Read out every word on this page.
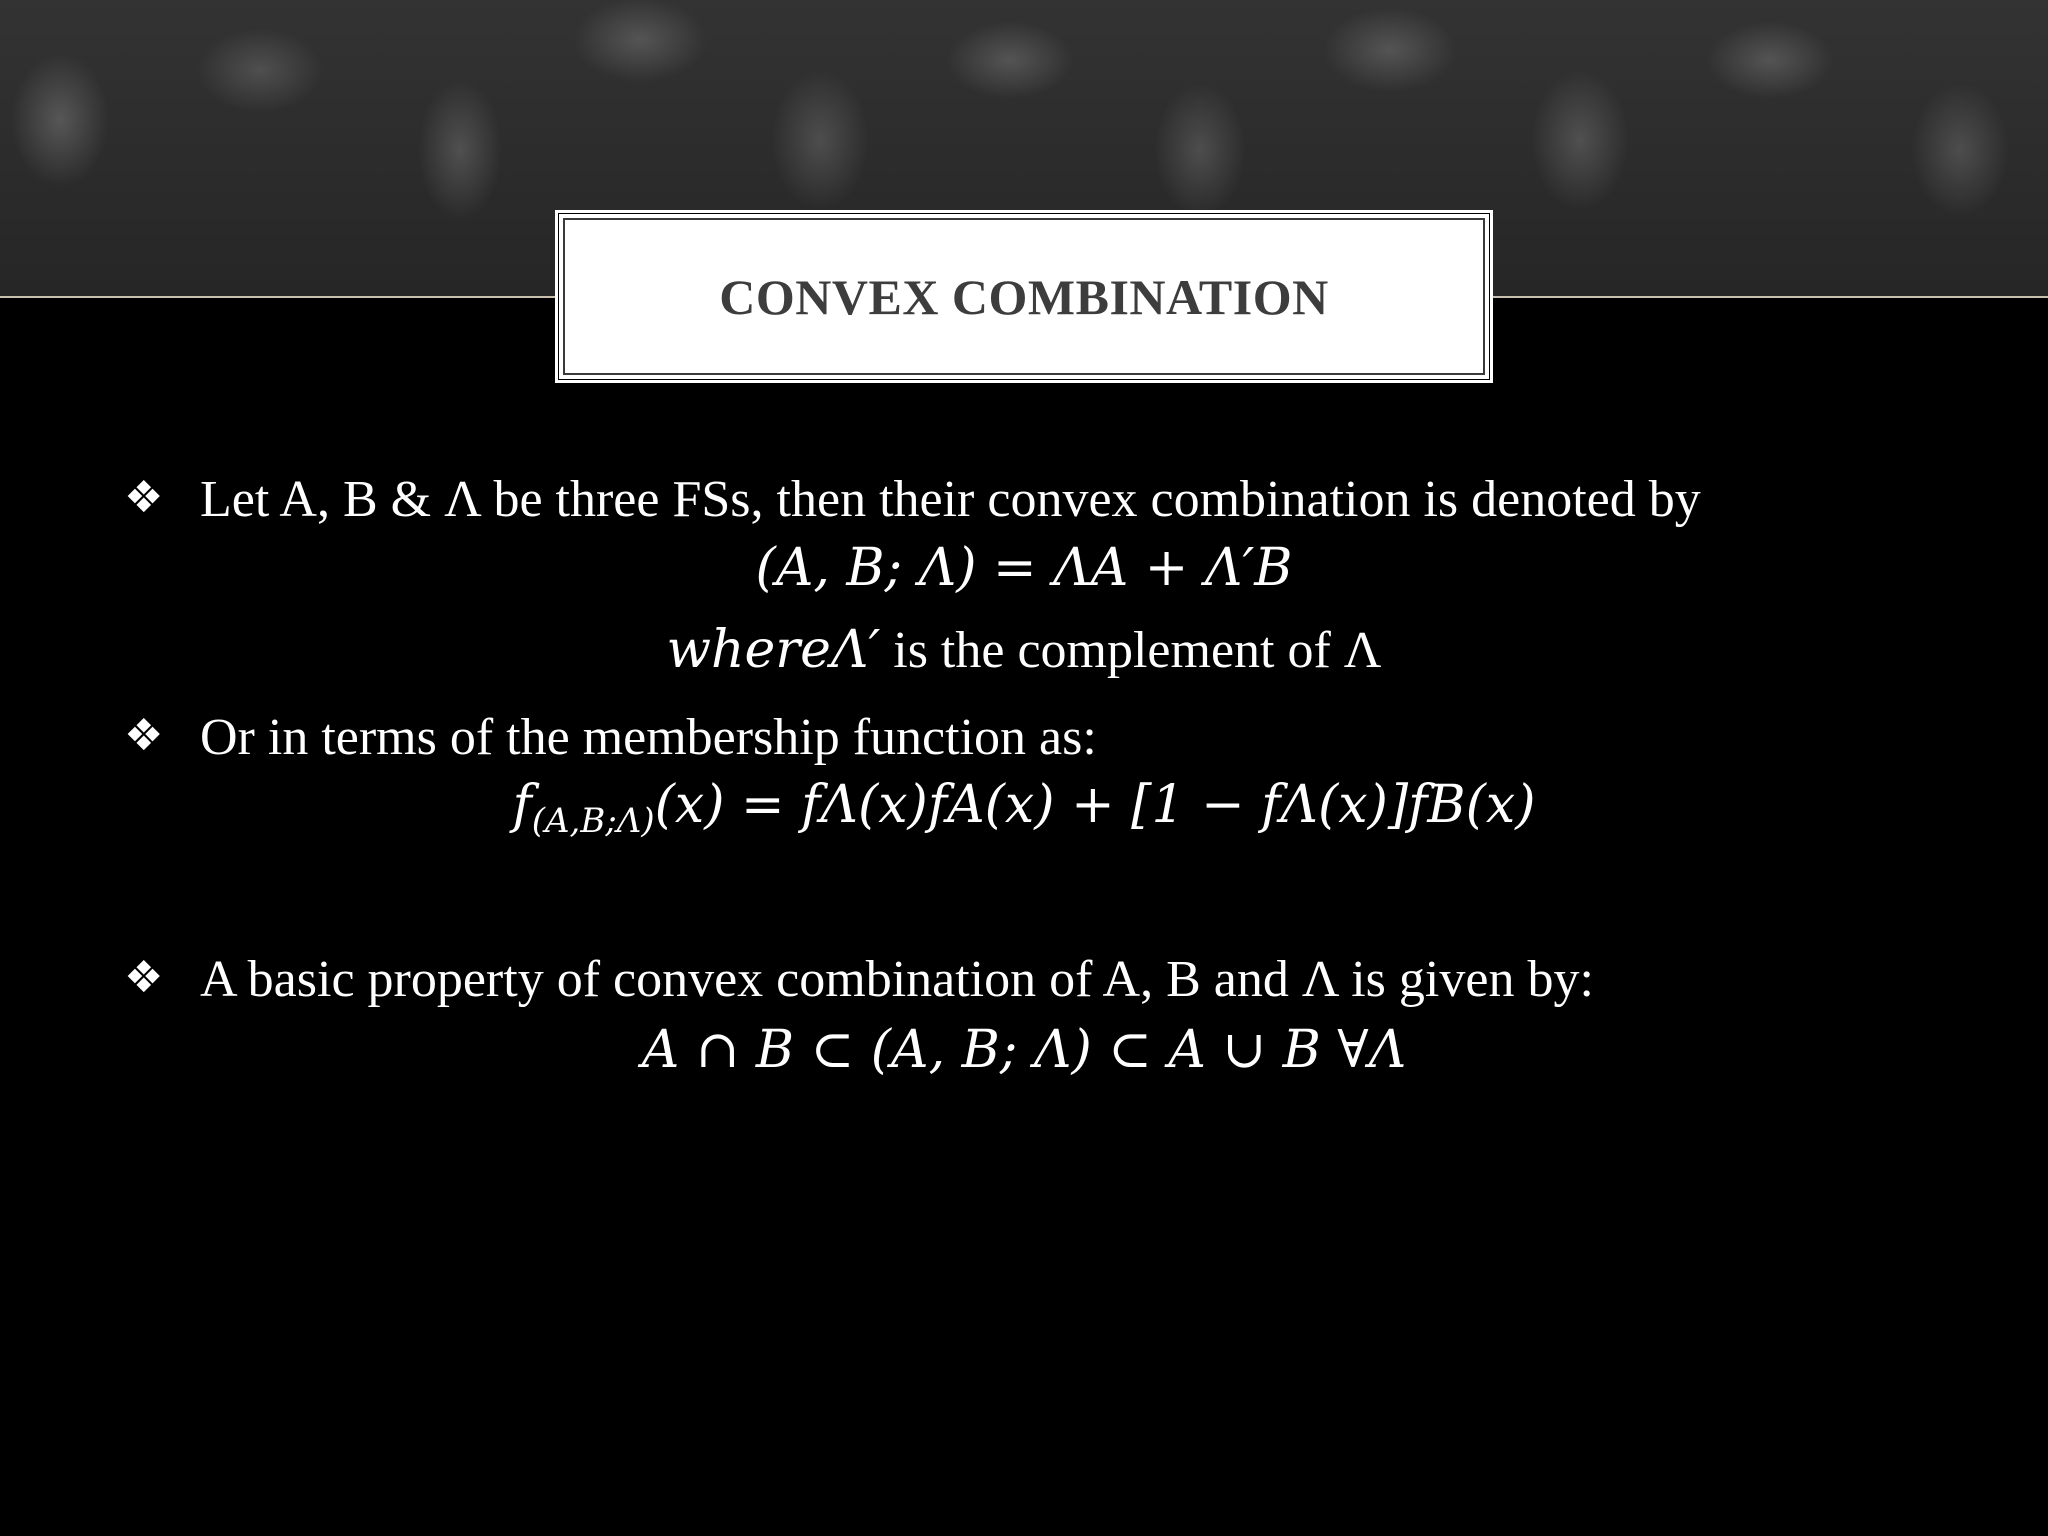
CONVEX COMBINATION
❖ Let A, B & Λ be three FSs, then their convex combination is denoted by
(A, B; Λ) = ΛA + Λ′B
whereΛ′ is the complement of Λ
❖ Or in terms of the membership function as:
$f_{(A,B;\Lambda)}(x) = f\Lambda(x)fA(x) + [1 - f\Lambda(x)]fB(x)$
❖ A basic property of convex combination of A, B and Λ is given by:
A ∩ B ⊂ (A, B; Λ) ⊂ A ∪ B ∀Λ
